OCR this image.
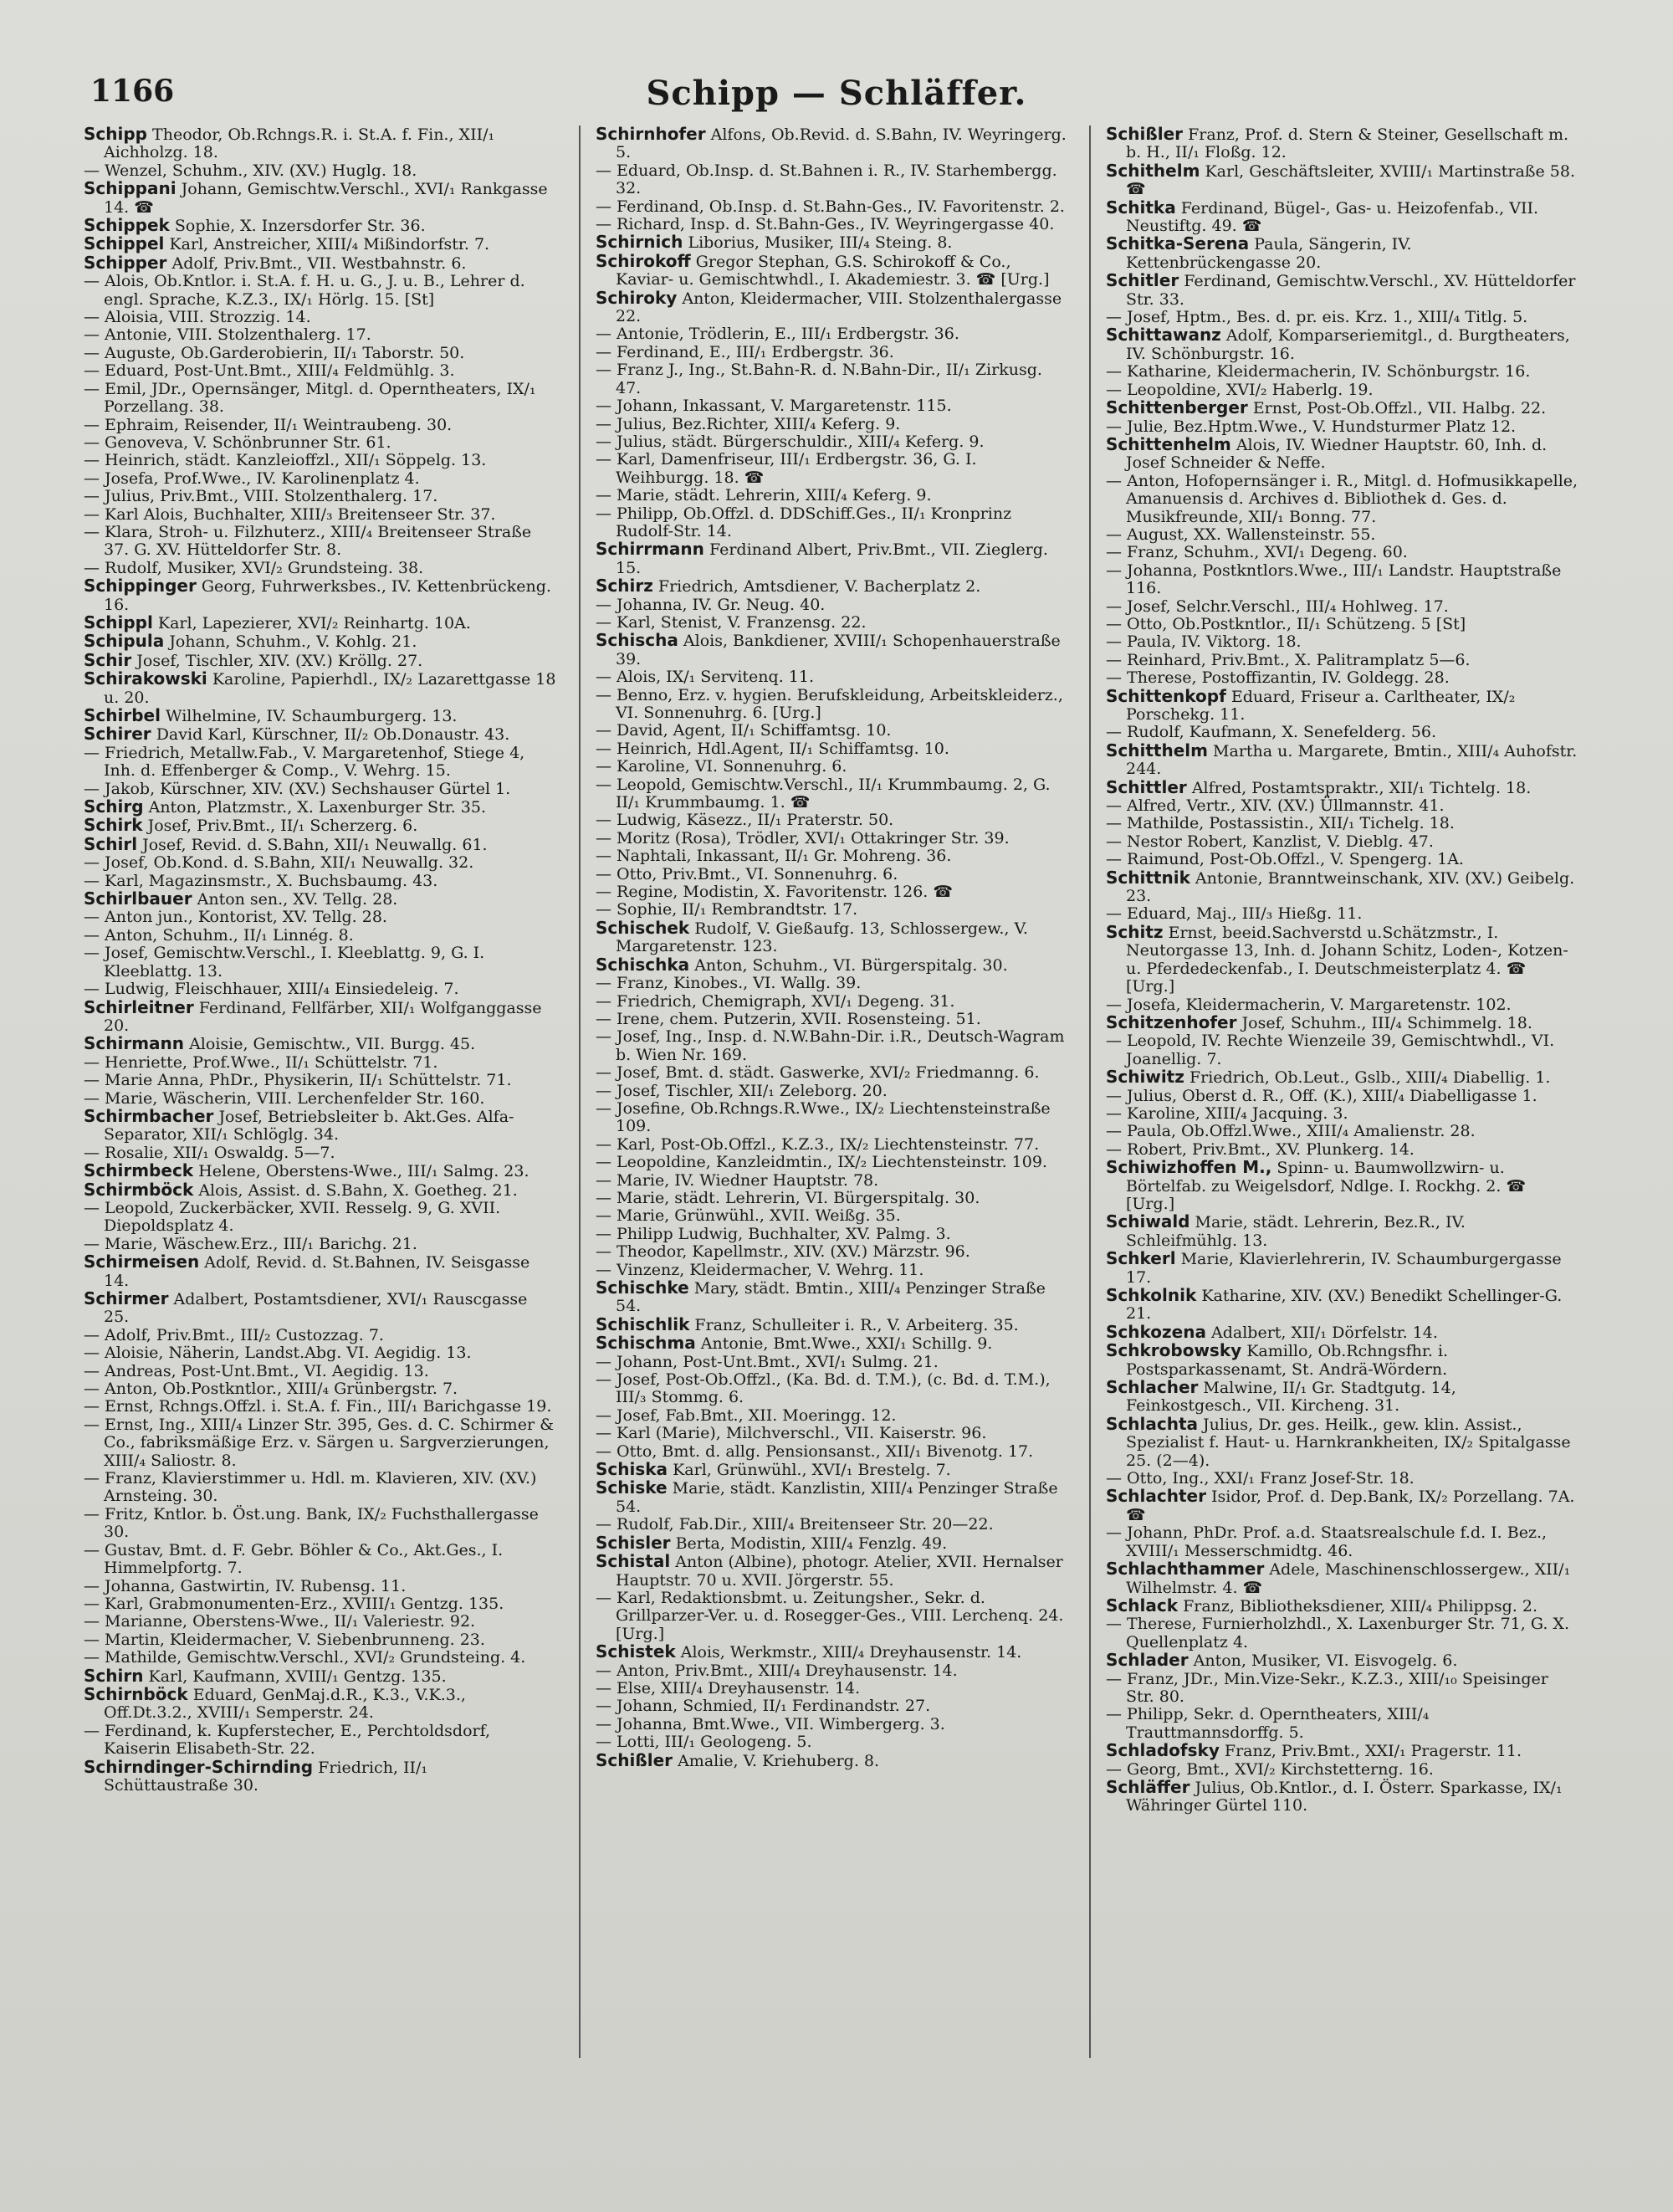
1166	Schipp — Schläffer.

Schipp Theodor, Ob.Rchngs.R. i. St.A. f. Fin., XII/₁ Aichholzg. 18.

— Wenzel, Schuhm., XIV. (XV.) Huglg. 18.

Schippani Johann, Gemischtw.Verschl., XVI/₁ Rankgasse 14. ☎

Schippek Sophie, X. Inzersdorfer Str. 36.

Schippel Karl, Anstreicher, XIII/₄ Mißindorfstr. 7.

Schipper Adolf, Priv.Bmt., VII. Westbahnstr. 6.

— Alois, Ob.Kntlor. i. St.A. f. H. u. G., J. u. B., Lehrer d. engl. Sprache, K.Z.3., IX/₁ Hörlg. 15. [St]

— Aloisia, VIII. Strozzig. 14.

— Antonie, VIII. Stolzenthalerg. 17.

— Auguste, Ob.Garderobierin, II/₁ Taborstr. 50.

— Eduard, Post-Unt.Bmt., XIII/₄ Feldmühlg. 3.

— Emil, JDr., Opernsänger, Mitgl. d. Operntheaters, IX/₁ Porzellang. 38.

— Ephraim, Reisender, II/₁ Weintraubeng. 30.

— Genoveva, V. Schönbrunner Str. 61.

— Heinrich, städt. Kanzleioffzl., XII/₁ Söppelg. 13.

— Josefa, Prof.Wwe., IV. Karolinenplatz 4.

— Julius, Priv.Bmt., VIII. Stolzenthalerg. 17.

— Karl Alois, Buchhalter, XIII/₃ Breitenseer Str. 37.

— Klara, Stroh- u. Filzhuterz., XIII/₄ Breitenseer Straße 37. G. XV. Hütteldorfer Str. 8.

— Rudolf, Musiker, XVI/₂ Grundsteing. 38.

Schippinger Georg, Fuhrwerksbes., IV. Kettenbrückeng. 16.

Schippl Karl, Lapezierer, XVI/₂ Reinhartg. 10A.

Schipula Johann, Schuhm., V. Kohlg. 21.

Schir Josef, Tischler, XIV. (XV.) Kröllg. 27.

Schirakowski Karoline, Papierhdl., IX/₂ Lazarettgasse 18 u. 20.

Schirbel Wilhelmine, IV. Schaumburgerg. 13.

Schirer David Karl, Kürschner, II/₂ Ob.Donaustr. 43.

— Friedrich, Metallw.Fab., V. Margaretenhof, Stiege 4, Inh. d. Effenberger & Comp., V. Wehrg. 15.

— Jakob, Kürschner, XIV. (XV.) Sechshauser Gürtel 1.

Schirg Anton, Platzmstr., X. Laxenburger Str. 35.

Schirk Josef, Priv.Bmt., II/₁ Scherzerg. 6.

Schirl Josef, Revid. d. S.Bahn, XII/₁ Neuwallg. 61.

— Josef, Ob.Kond. d. S.Bahn, XII/₁ Neuwallg. 32.

— Karl, Magazinsmstr., X. Buchsbaumg. 43.

Schirlbauer Anton sen., XV. Tellg. 28.

— Anton jun., Kontorist, XV. Tellg. 28.

— Anton, Schuhm., II/₁ Linnég. 8.

— Josef, Gemischtw.Verschl., I. Kleeblattg. 9, G. I. Kleeblattg. 13.

— Ludwig, Fleischhauer, XIII/₄ Einsiedeleig. 7.

Schirleitner Ferdinand, Fellfärber, XII/₁ Wolfganggasse 20.

Schirmann Aloisie, Gemischtw., VII. Burgg. 45.

— Henriette, Prof.Wwe., II/₁ Schüttelstr. 71.

— Marie Anna, PhDr., Physikerin, II/₁ Schüttelstr. 71.

— Marie, Wäscherin, VIII. Lerchenfelder Str. 160.

Schirmbacher Josef, Betriebsleiter b. Akt.Ges. Alfa-Separator, XII/₁ Schlöglg. 34.

— Rosalie, XII/₁ Oswaldg. 5—7.

Schirmbeck Helene, Oberstens-Wwe., III/₁ Salmg. 23.

Schirmböck Alois, Assist. d. S.Bahn, X. Goetheg. 21.

— Leopold, Zuckerbäcker, XVII. Resselg. 9, G. XVII. Diepoldsplatz 4.

— Marie, Wäschew.Erz., III/₁ Barichg. 21.

Schirmeisen Adolf, Revid. d. St.Bahnen, IV. Seisgasse 14.

Schirmer Adalbert, Postamtsdiener, XVI/₁ Rauscgasse 25.

— Adolf, Priv.Bmt., III/₂ Custozzag. 7.

— Aloisie, Näherin, Landst.Abg. VI. Aegidig. 13.

— Andreas, Post-Unt.Bmt., VI. Aegidig. 13.

— Anton, Ob.Postkntlor., XIII/₄ Grünbergstr. 7.

— Ernst, Rchngs.Offzl. i. St.A. f. Fin., III/₁ Barichgasse 19.

— Ernst, Ing., XIII/₄ Linzer Str. 395, Ges. d. C. Schirmer & Co., fabriksmäßige Erz. v. Särgen u. Sargverzierungen, XIII/₄ Saliostr. 8.

— Franz, Klavierstimmer u. Hdl. m. Klavieren, XIV. (XV.) Arnsteing. 30.

— Fritz, Kntlor. b. Öst.ung. Bank, IX/₂ Fuchsthallergasse 30.

— Gustav, Bmt. d. F. Gebr. Böhler & Co., Akt.Ges., I. Himmelpfortg. 7.

— Johanna, Gastwirtin, IV. Rubensg. 11.

— Karl, Grabmonumenten-Erz., XVIII/₁ Gentzg. 135.

— Marianne, Oberstens-Wwe., II/₁ Valeriestr. 92.

— Martin, Kleidermacher, V. Siebenbrunneng. 23.

— Mathilde, Gemischtw.Verschl., XVI/₂ Grundsteing. 4.

Schirn Karl, Kaufmann, XVIII/₁ Gentzg. 135.

Schirnböck Eduard, GenMaj.d.R., K.3., V.K.3., Off.Dt.3.2., XVIII/₁ Semperstr. 24.

— Ferdinand, k. Kupferstecher, E., Perchtoldsdorf, Kaiserin Elisabeth-Str. 22.

Schirndinger-Schirnding Friedrich, II/₁ Schüttaustraße 30.

Schirnhofer Alfons, Ob.Revid. d. S.Bahn, IV. Weyringerg. 5.

— Eduard, Ob.Insp. d. St.Bahnen i. R., IV. Starhembergg. 32.

— Ferdinand, Ob.Insp. d. St.Bahn-Ges., IV. Favoritenstr. 2.

— Richard, Insp. d. St.Bahn-Ges., IV. Weyringergasse 40.

Schirnich Liborius, Musiker, III/₄ Steing. 8.

Schirokoff Gregor Stephan, G.S. Schirokoff & Co., Kaviar- u. Gemischtwhdl., I. Akademiestr. 3. ☎ [Urg.]

Schiroky Anton, Kleidermacher, VIII. Stolzenthalergasse 22.

— Antonie, Trödlerin, E., III/₁ Erdbergstr. 36.

— Ferdinand, E., III/₁ Erdbergstr. 36.

— Franz J., Ing., St.Bahn-R. d. N.Bahn-Dir., II/₁ Zirkusg. 47.

— Johann, Inkassant, V. Margaretenstr. 115.

— Julius, Bez.Richter, XIII/₄ Keferg. 9.

— Julius, städt. Bürgerschuldir., XIII/₄ Keferg. 9.

— Karl, Damenfriseur, III/₁ Erdbergstr. 36, G. I. Weihburgg. 18. ☎

— Marie, städt. Lehrerin, XIII/₄ Keferg. 9.

— Philipp, Ob.Offzl. d. DDSchiff.Ges., II/₁ Kronprinz Rudolf-Str. 14.

Schirrmann Ferdinand Albert, Priv.Bmt., VII. Zieglerg. 15.

Schirz Friedrich, Amtsdiener, V. Bacherplatz 2.

— Johanna, IV. Gr. Neug. 40.

— Karl, Stenist, V. Franzensg. 22.

Schischa Alois, Bankdiener, XVIII/₁ Schopenhauerstraße 39.

— Alois, IX/₁ Servitenq. 11.

— Benno, Erz. v. hygien. Berufskleidung, Arbeitskleiderz., VI. Sonnenuhrg. 6. [Urg.]

— David, Agent, II/₁ Schiffamtsg. 10.

— Heinrich, Hdl.Agent, II/₁ Schiffamtsg. 10.

— Karoline, VI. Sonnenuhrg. 6.

— Leopold, Gemischtw.Verschl., II/₁ Krummbaumg. 2, G. II/₁ Krummbaumg. 1. ☎

— Ludwig, Käsezz., II/₁ Praterstr. 50.

— Moritz (Rosa), Trödler, XVI/₁ Ottakringer Str. 39.

— Naphtali, Inkassant, II/₁ Gr. Mohreng. 36.

— Otto, Priv.Bmt., VI. Sonnenuhrg. 6.

— Regine, Modistin, X. Favoritenstr. 126. ☎

— Sophie, II/₁ Rembrandtstr. 17.

Schischek Rudolf, V. Gießaufg. 13, Schlossergew., V. Margaretenstr. 123.

Schischka Anton, Schuhm., VI. Bürgerspitalg. 30.

— Franz, Kinobes., VI. Wallg. 39.

— Friedrich, Chemigraph, XVI/₁ Degeng. 31.

— Irene, chem. Putzerin, XVII. Rosensteing. 51.

— Josef, Ing., Insp. d. N.W.Bahn-Dir. i.R., Deutsch-Wagram b. Wien Nr. 169.

— Josef, Bmt. d. städt. Gaswerke, XVI/₂ Friedmanng. 6.

— Josef, Tischler, XII/₁ Zeleborg. 20.

— Josefine, Ob.Rchngs.R.Wwe., IX/₂ Liechtensteinstraße 109.

— Karl, Post-Ob.Offzl., K.Z.3., IX/₂ Liechtensteinstr. 77.

— Leopoldine, Kanzleidmtin., IX/₂ Liechtensteinstr. 109.

— Marie, IV. Wiedner Hauptstr. 78.

— Marie, städt. Lehrerin, VI. Bürgerspitalg. 30.

— Marie, Grünwühl., XVII. Weißg. 35.

— Philipp Ludwig, Buchhalter, XV. Palmg. 3.

— Theodor, Kapellmstr., XIV. (XV.) Märzstr. 96.

— Vinzenz, Kleidermacher, V. Wehrg. 11.

Schischke Mary, städt. Bmtin., XIII/₄ Penzinger Straße 54.

Schischlik Franz, Schulleiter i. R., V. Arbeiterg. 35.

Schischma Antonie, Bmt.Wwe., XXI/₁ Schillg. 9.

— Johann, Post-Unt.Bmt., XVI/₁ Sulmg. 21.

— Josef, Post-Ob.Offzl., (Ka. Bd. d. T.M.), (c. Bd. d. T.M.), III/₃ Stommg. 6.

— Josef, Fab.Bmt., XII. Moeringg. 12.

— Karl (Marie), Milchverschl., VII. Kaiserstr. 96.

— Otto, Bmt. d. allg. Pensionsanst., XII/₁ Bivenotg. 17.

Schiska Karl, Grünwühl., XVI/₁ Brestelg. 7.

Schiske Marie, städt. Kanzlistin, XIII/₄ Penzinger Straße 54.

— Rudolf, Fab.Dir., XIII/₄ Breitenseer Str. 20—22.

Schisler Berta, Modistin, XIII/₄ Fenzlg. 49.

Schistal Anton (Albine), photogr. Atelier, XVII. Hernalser Hauptstr. 70 u. XVII. Jörgerstr. 55.

— Karl, Redaktionsbmt. u. Zeitungsher., Sekr. d. Grillparzer-Ver. u. d. Rosegger-Ges., VIII. Lerchenq. 24. [Urg.]

Schistek Alois, Werkmstr., XIII/₄ Dreyhausenstr. 14.

— Anton, Priv.Bmt., XIII/₄ Dreyhausenstr. 14.

— Else, XIII/₄ Dreyhausenstr. 14.

— Johann, Schmied, II/₁ Ferdinandstr. 27.

— Johanna, Bmt.Wwe., VII. Wimbergerg. 3.

— Lotti, III/₁ Geologeng. 5.

Schißler Amalie, V. Kriehuberg. 8.

Schißler Franz, Prof. d. Stern & Steiner, Gesellschaft m. b. H., II/₁ Floßg. 12.

Schithelm Karl, Geschäftsleiter, XVIII/₁ Martinstraße 58. ☎

Schitka Ferdinand, Bügel-, Gas- u. Heizofenfab., VII. Neustiftg. 49. ☎

Schitka-Serena Paula, Sängerin, IV. Kettenbrückengasse 20.

Schitler Ferdinand, Gemischtw.Verschl., XV. Hütteldorfer Str. 33.

— Josef, Hptm., Bes. d. pr. eis. Krz. 1., XIII/₄ Titlg. 5.

Schittawanz Adolf, Komparseriemitgl., d. Burgtheaters, IV. Schönburgstr. 16.

— Katharine, Kleidermacherin, IV. Schönburgstr. 16.

— Leopoldine, XVI/₂ Haberlg. 19.

Schittenberger Ernst, Post-Ob.Offzl., VII. Halbg. 22.

— Julie, Bez.Hptm.Wwe., V. Hundsturmer Platz 12.

Schittenhelm Alois, IV. Wiedner Hauptstr. 60, Inh. d. Josef Schneider & Neffe.

— Anton, Hofopernsänger i. R., Mitgl. d. Hofmusikkapelle, Amanuensis d. Archives d. Bibliothek d. Ges. d. Musikfreunde, XII/₁ Bonng. 77.

— August, XX. Wallensteinstr. 55.

— Franz, Schuhm., XVI/₁ Degeng. 60.

— Johanna, Postkntlors.Wwe., III/₁ Landstr. Hauptstraße 116.

— Josef, Selchr.Verschl., III/₄ Hohlweg. 17.

— Otto, Ob.Postkntlor., II/₁ Schützeng. 5 [St]

— Paula, IV. Viktorg. 18.

— Reinhard, Priv.Bmt., X. Palitramplatz 5—6.

— Therese, Postoffizantin, IV. Goldegg. 28.

Schittenkopf Eduard, Friseur a. Carltheater, IX/₂ Porschekg. 11.

— Rudolf, Kaufmann, X. Senefelderg. 56.

Schitthelm Martha u. Margarete, Bmtin., XIII/₄ Auhofstr. 244.

Schittler Alfred, Postamtspraktr., XII/₁ Tichtelg. 18.

— Alfred, Vertr., XIV. (XV.) Üllmannstr. 41.

— Mathilde, Postassistin., XII/₁ Tichelg. 18.

— Nestor Robert, Kanzlist, V. Dieblg. 47.

— Raimund, Post-Ob.Offzl., V. Spengerg. 1A.

Schittnik Antonie, Branntweinschank, XIV. (XV.) Geibelg. 23.

— Eduard, Maj., III/₃ Hießg. 11.

Schitz Ernst, beeid.Sachverstd u.Schätzmstr., I. Neutorgasse 13, Inh. d. Johann Schitz, Loden-, Kotzen- u. Pferdedeckenfab., I. Deutschmeisterplatz 4. ☎ [Urg.]

— Josefa, Kleidermacherin, V. Margaretenstr. 102.

Schitzenhofer Josef, Schuhm., III/₄ Schimmelg. 18.

— Leopold, IV. Rechte Wienzeile 39, Gemischtwhdl., VI. Joanellig. 7.

Schiwitz Friedrich, Ob.Leut., Gslb., XIII/₄ Diabellig. 1.

— Julius, Oberst d. R., Off. (K.), XIII/₄ Diabelligasse 1.

— Karoline, XIII/₄ Jacquing. 3.

— Paula, Ob.Offzl.Wwe., XIII/₄ Amalienstr. 28.

— Robert, Priv.Bmt., XV. Plunkerg. 14.

Schiwizhoffen M., Spinn- u. Baumwollzwirn- u. Börtelfab. zu Weigelsdorf, Ndlge. I. Rockhg. 2. ☎ [Urg.]

Schiwald Marie, städt. Lehrerin, Bez.R., IV. Schleifmühlg. 13.

Schkerl Marie, Klavierlehrerin, IV. Schaumburgergasse 17.

Schkolnik Katharine, XIV. (XV.) Benedikt Schellinger-G. 21.

Schkozena Adalbert, XII/₁ Dörfelstr. 14.

Schkrobowsky Kamillo, Ob.Rchngsfhr. i. Postsparkassenamt, St. Andrä-Wördern.

Schlacher Malwine, II/₁ Gr. Stadtgutg. 14, Feinkostgesch., VII. Kircheng. 31.

Schlachta Julius, Dr. ges. Heilk., gew. klin. Assist., Spezialist f. Haut- u. Harnkrankheiten, IX/₂ Spitalgasse 25. (2—4).

— Otto, Ing., XXI/₁ Franz Josef-Str. 18.

Schlachter Isidor, Prof. d. Dep.Bank, IX/₂ Porzellang. 7A. ☎

— Johann, PhDr. Prof. a.d. Staatsrealschule f.d. I. Bez., XVIII/₁ Messerschmidtg. 46.

Schlachthammer Adele, Maschinenschlossergew., XII/₁ Wilhelmstr. 4. ☎

Schlack Franz, Bibliotheksdiener, XIII/₄ Philippsg. 2.

— Therese, Furnierholzhdl., X. Laxenburger Str. 71, G. X. Quellenplatz 4.

Schlader Anton, Musiker, VI. Eisvogelg. 6.

— Franz, JDr., Min.Vize-Sekr., K.Z.3., XIII/₁₀ Speisinger Str. 80.

— Philipp, Sekr. d. Operntheaters, XIII/₄ Trauttmannsdorffg. 5.

Schladofsky Franz, Priv.Bmt., XXI/₁ Pragerstr. 11.

— Georg, Bmt., XVI/₂ Kirchstetterng. 16.

Schläffer Julius, Ob.Kntlor., d. I. Österr. Sparkasse, IX/₁ Währinger Gürtel 110.
